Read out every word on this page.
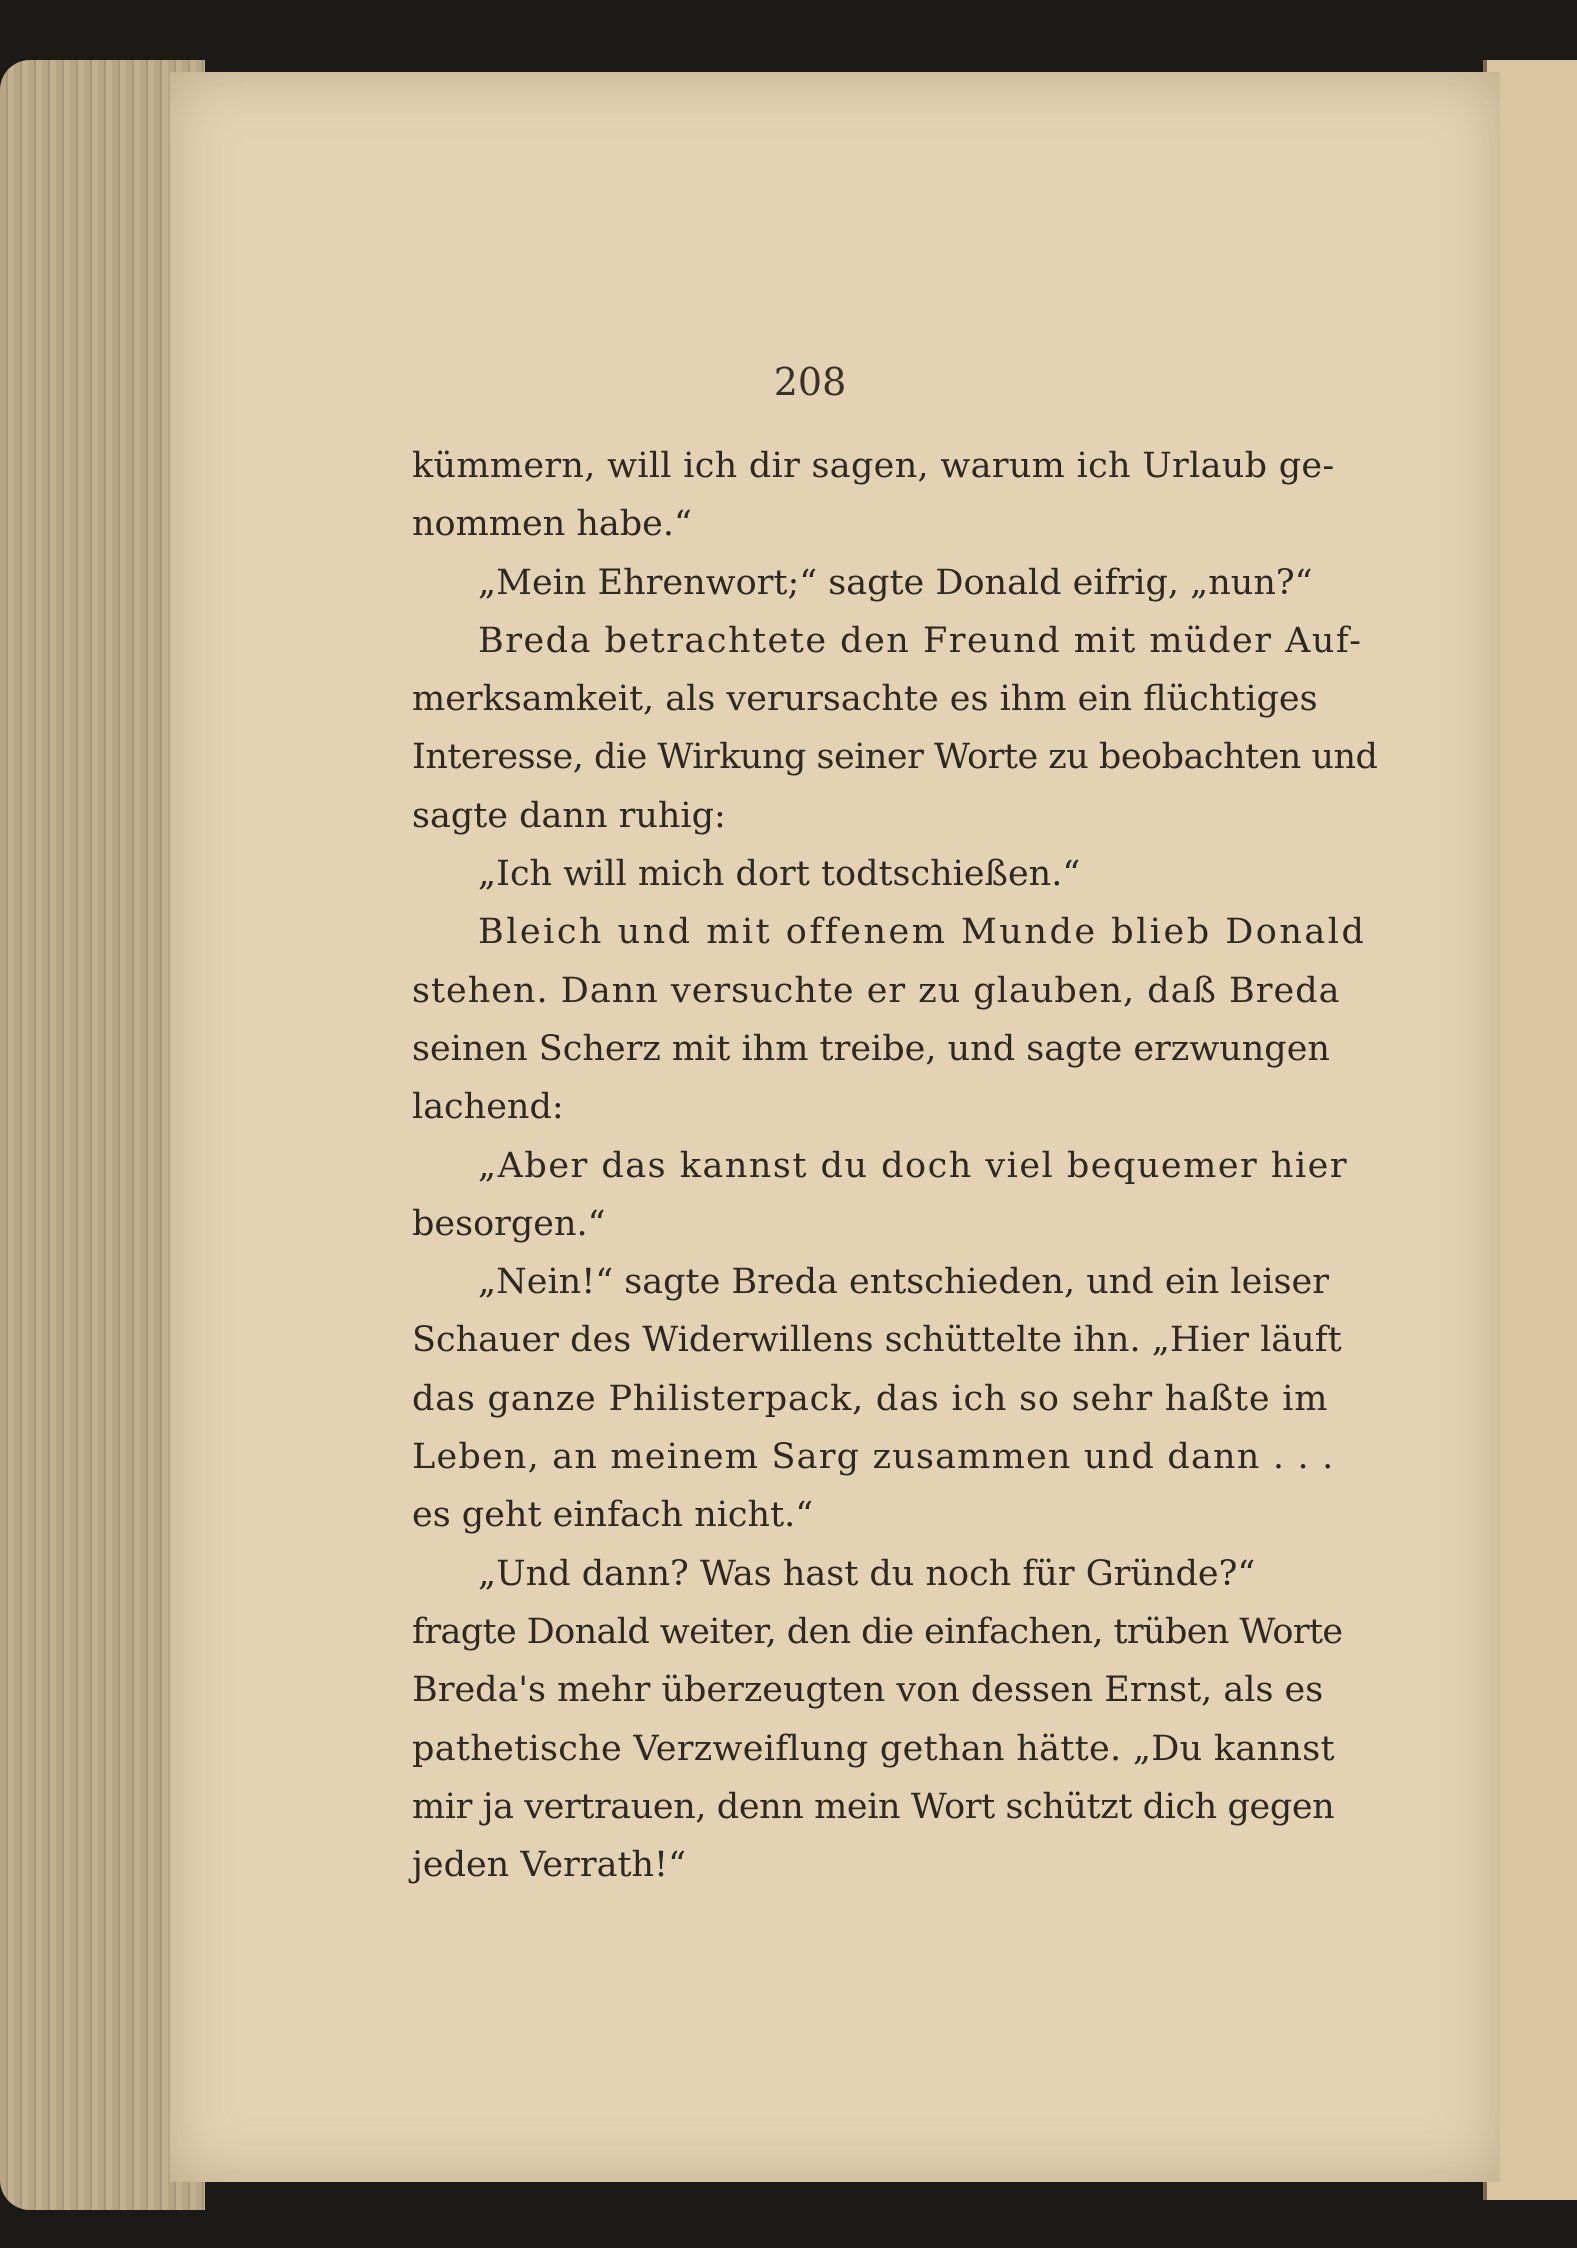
208
kümmern, will ich dir sagen, warum ich Urlaub ge-
nommen habe.“
„Mein Ehrenwort;“ sagte Donald eifrig, „nun?“
Breda betrachtete den Freund mit müder Auf-
merksamkeit, als verursachte es ihm ein flüchtiges
Interesse, die Wirkung seiner Worte zu beobachten und
sagte dann ruhig:
„Ich will mich dort todtschießen.“
Bleich und mit offenem Munde blieb Donald
stehen. Dann versuchte er zu glauben, daß Breda
seinen Scherz mit ihm treibe, und sagte erzwungen
lachend:
„Aber das kannst du doch viel bequemer hier
besorgen.“
„Nein!“ sagte Breda entschieden, und ein leiser
Schauer des Widerwillens schüttelte ihn. „Hier läuft
das ganze Philisterpack, das ich so sehr haßte im
Leben, an meinem Sarg zusammen und dann . . .
es geht einfach nicht.“
„Und dann? Was hast du noch für Gründe?“
fragte Donald weiter, den die einfachen, trüben Worte
Breda's mehr überzeugten von dessen Ernst, als es
pathetische Verzweiflung gethan hätte. „Du kannst
mir ja vertrauen, denn mein Wort schützt dich gegen
jeden Verrath!“
